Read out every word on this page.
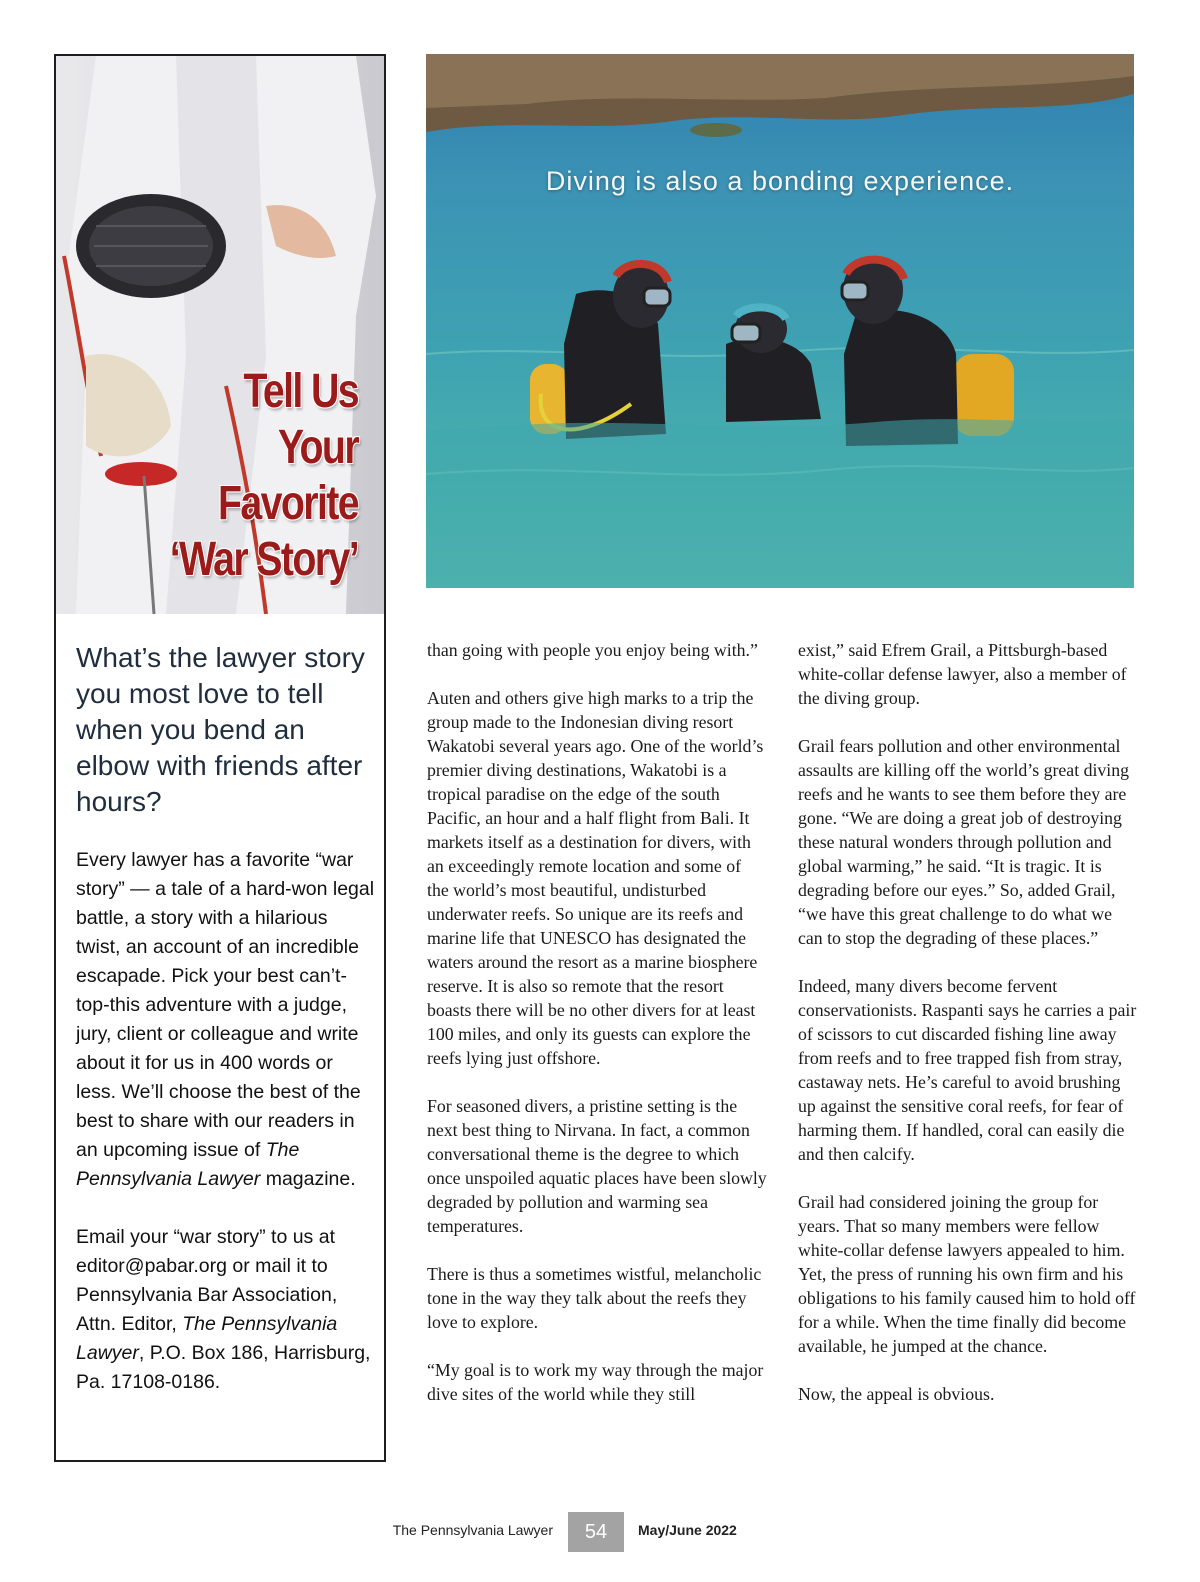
Tell Us
Your
Favorite
‘War Story’
What’s the lawyer story you most love to tell when you bend an elbow with friends after hours?

Every lawyer has a favorite “war story” — a tale of a hard-won legal battle, a story with a hilarious twist, an account of an incredible escapade. Pick your best can’t-top-this adventure with a judge, jury, client or colleague and write about it for us in 400 words or less. We’ll choose the best of the best to share with our readers in an upcoming issue of The Pennsylvania Lawyer magazine.

Email your “war story” to us at editor@pabar.org or mail it to Pennsylvania Bar Association, Attn. Editor, The Pennsylvania Lawyer, P.O. Box 186, Harrisburg, Pa. 17108-0186.

Diving is also a bonding experience.

than going with people you enjoy being with.”

Auten and others give high marks to a trip the group made to the Indonesian diving resort Wakatobi several years ago. One of the world’s premier diving destinations, Wakatobi is a tropical paradise on the edge of the south Pacific, an hour and a half flight from Bali. It markets itself as a destination for divers, with an exceedingly remote location and some of the world’s most beautiful, undisturbed underwater reefs. So unique are its reefs and marine life that UNESCO has designated the waters around the resort as a marine biosphere reserve. It is also so remote that the resort boasts there will be no other divers for at least 100 miles, and only its guests can explore the reefs lying just offshore.

For seasoned divers, a pristine setting is the next best thing to Nirvana. In fact, a common conversational theme is the degree to which once unspoiled aquatic places have been slowly degraded by pollution and warming sea temperatures.

There is thus a sometimes wistful, melancholic tone in the way they talk about the reefs they love to explore.

“My goal is to work my way through the major dive sites of the world while they still

exist,” said Efrem Grail, a Pittsburgh-based white-collar defense lawyer, also a member of the diving group.

Grail fears pollution and other environmental assaults are killing off the world’s great diving reefs and he wants to see them before they are gone. “We are doing a great job of destroying these natural wonders through pollution and global warming,” he said. “It is tragic. It is degrading before our eyes.” So, added Grail, “we have this great challenge to do what we can to stop the degrading of these places.”

Indeed, many divers become fervent conservationists. Raspanti says he carries a pair of scissors to cut discarded fishing line away from reefs and to free trapped fish from stray, castaway nets. He’s careful to avoid brushing up against the sensitive coral reefs, for fear of harming them. If handled, coral can easily die and then calcify.

Grail had considered joining the group for years. That so many members were fellow white-collar defense lawyers appealed to him. Yet, the press of running his own firm and his obligations to his family caused him to hold off for a while. When the time finally did become available, he jumped at the chance.

Now, the appeal is obvious.

The Pennsylvania Lawyer	54	May/June 2022
